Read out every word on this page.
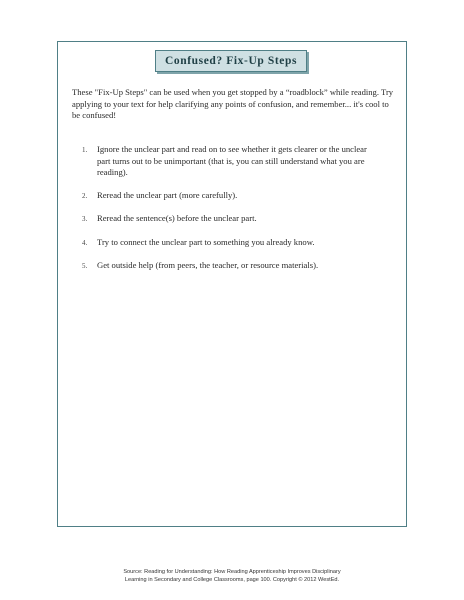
Confused? Fix-Up Steps

These "Fix-Up Steps" can be used when you get stopped by a “roadblock” while reading. Try applying to your text for help clarifying any points of confusion, and remember... it's cool to be confused!

1.	Ignore the unclear part and read on to see whether it gets clearer or the unclear part turns out to be unimportant (that is, you can still understand what you are reading).
2.	Reread the unclear part (more carefully).
3.	Reread the sentence(s) before the unclear part.
4.	Try to connect the unclear part to something you already know.
5.	Get outside help (from peers, the teacher, or resource materials).

Source: Reading for Understanding: How Reading Apprenticeship Improves Disciplinary
Learning in Secondary and College Classrooms, page 100. Copyright © 2012 WestEd.
